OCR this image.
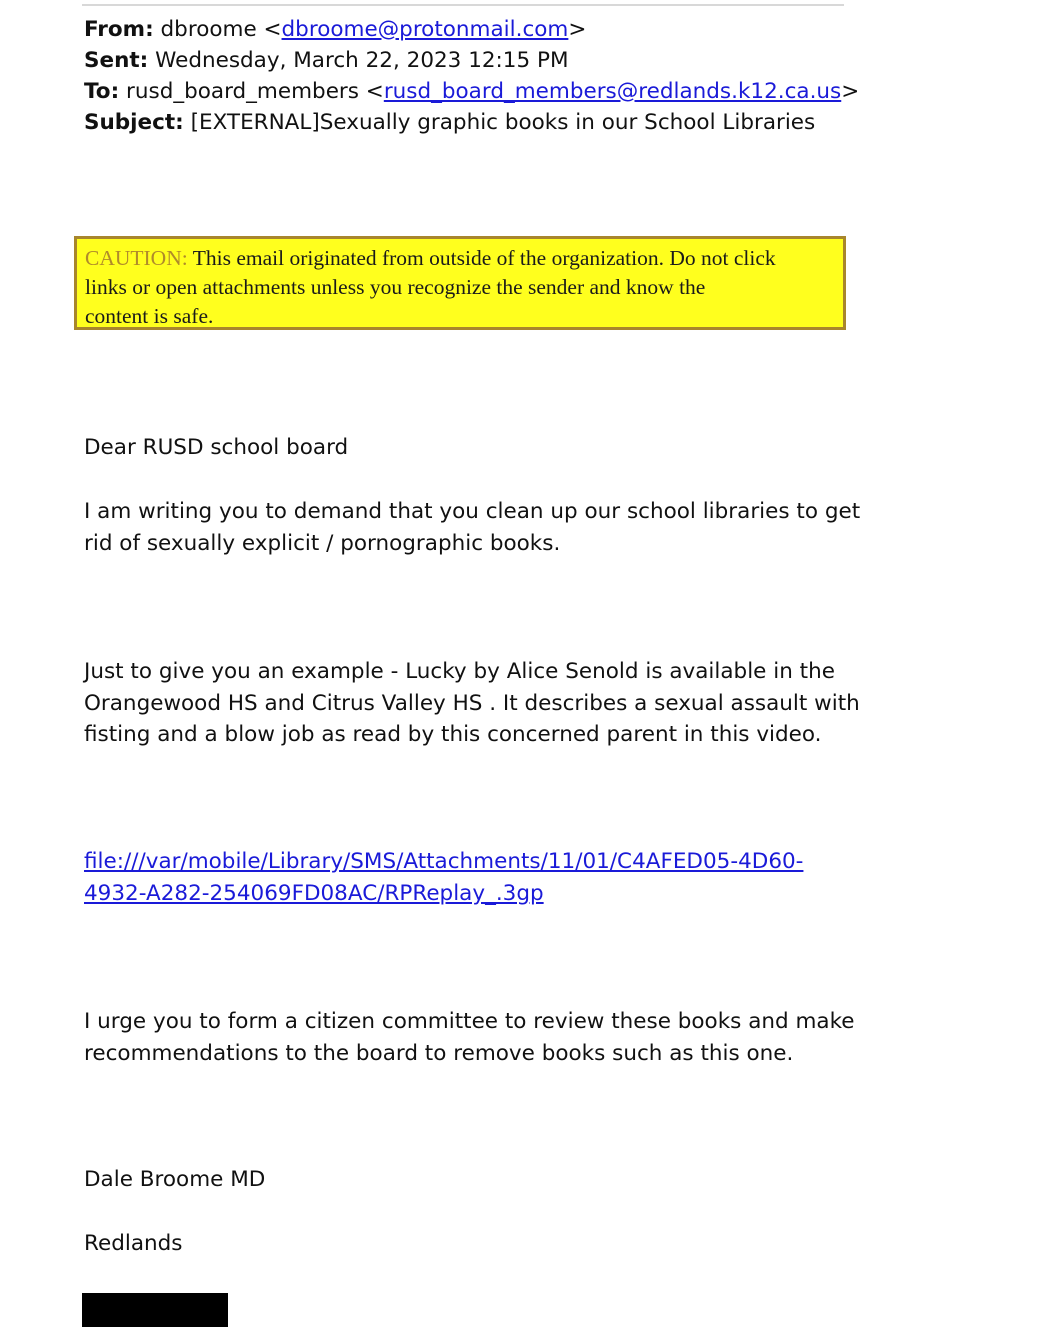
From: dbroome <dbroome@protonmail.com>
Sent: Wednesday, March 22, 2023 12:15 PM
To: rusd_board_members <rusd_board_members@redlands.k12.ca.us>
Subject: [EXTERNAL]Sexually graphic books in our School Libraries
CAUTION: This email originated from outside of the organization. Do not click
links or open attachments unless you recognize the sender and know the
content is safe.
Dear RUSD school board
I am writing you to demand that you clean up our school libraries to get
rid of sexually explicit / pornographic books.
Just to give you an example - Lucky by Alice Senold is available in the
Orangewood HS and Citrus Valley HS . It describes a sexual assault with
fisting and a blow job as read by this concerned parent in this video.
file:///var/mobile/Library/SMS/Attachments/11/01/C4AFED05-4D60-
4932-A282-254069FD08AC/RPReplay_.3gp
I urge you to form a citizen committee to review these books and make
recommendations to the board to remove books such as this one.
Dale Broome MD
Redlands
